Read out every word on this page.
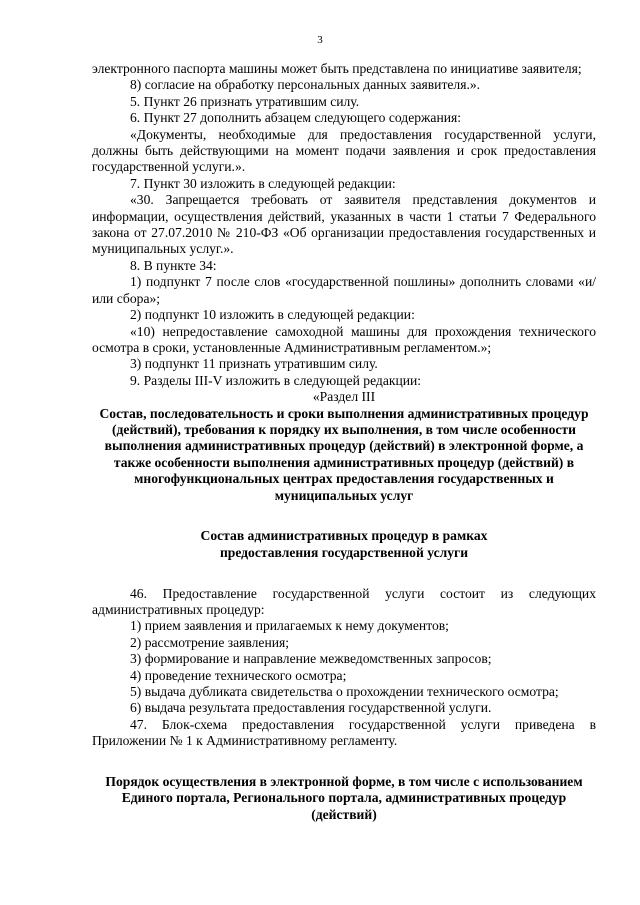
3

электронного паспорта машины может быть представлена по инициативе заявителя;

8) согласие на обработку персональных данных заявителя.».

5. Пункт 26 признать утратившим силу.

6. Пункт 27 дополнить абзацем следующего содержания:

«Документы, необходимые для предоставления государственной услуги, должны быть действующими на момент подачи заявления и срок предоставления государственной услуги.».

7. Пункт 30 изложить в следующей редакции:

«30. Запрещается требовать от заявителя представления документов и информации, осуществления действий, указанных в части 1 статьи 7 Федерального закона от 27.07.2010 № 210-ФЗ «Об организации предоставления государственных и муниципальных услуг.».

8. В пункте 34:

1) подпункт 7 после слов «государственной пошлины» дополнить словами «и/или сбора»;

2) подпункт 10 изложить в следующей редакции:

«10) непредоставление самоходной машины для прохождения технического осмотра в сроки, установленные Административным регламентом.»;

3) подпункт 11 признать утратившим силу.

9. Разделы III-V изложить в следующей редакции:

«Раздел III

Состав, последовательность и сроки выполнения административных процедур (действий), требования к порядку их выполнения, в том числе особенности выполнения административных процедур (действий) в электронной форме, а также особенности выполнения административных процедур (действий) в многофункциональных центрах предоставления государственных и муниципальных услуг

Состав административных процедур в рамках предоставления государственной услуги

46. Предоставление государственной услуги состоит из следующих административных процедур:

1) прием заявления и прилагаемых к нему документов;

2) рассмотрение заявления;

3) формирование и направление межведомственных запросов;

4) проведение технического осмотра;

5) выдача дубликата свидетельства о прохождении технического осмотра;

6) выдача результата предоставления государственной услуги.

47. Блок-схема предоставления государственной услуги приведена в Приложении № 1 к Административному регламенту.

Порядок осуществления в электронной форме, в том числе с использованием Единого портала, Регионального портала, административных процедур (действий)
